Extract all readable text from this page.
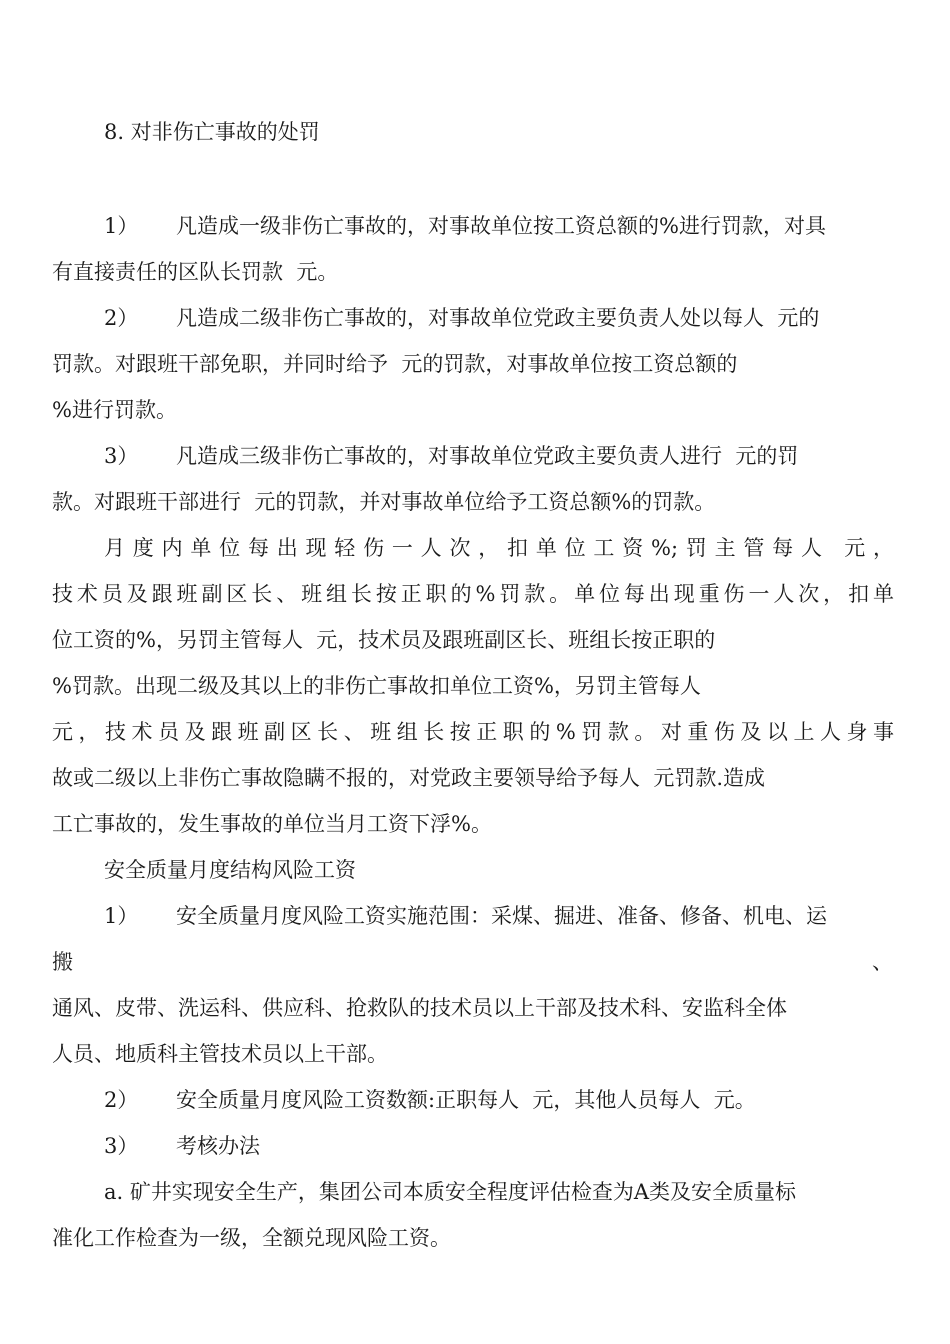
8. 对非伤亡事故的处罚
1） 凡造成一级非伤亡事故的，对事故单位按工资总额的%进行罚款，对具
有直接责任的区队长罚款  元。
2） 凡造成二级非伤亡事故的，对事故单位党政主要负责人处以每人  元的
罚款。对跟班干部免职，并同时给予  元的罚款，对事故单位按工资总额的
%进行罚款。
3） 凡造成三级非伤亡事故的，对事故单位党政主要负责人进行  元的罚
款。对跟班干部进行  元的罚款，并对事故单位给予工资总额%的罚款。
月度内单位每出现轻伤一人次，扣单位工资%;罚主管每人 元，
技术员及跟班副区长、班组长按正职的%罚款。单位每出现重伤一人次，扣单
位工资的%，另罚主管每人  元，技术员及跟班副区长、班组长按正职的
%罚款。出现二级及其以上的非伤亡事故扣单位工资%，另罚主管每人
元，技术员及跟班副区长、班组长按正职的%罚款。对重伤及以上人身事
故或二级以上非伤亡事故隐瞒不报的，对党政主要领导给予每人  元罚款.造成
工亡事故的，发生事故的单位当月工资下浮%。
安全质量月度结构风险工资
1） 安全质量月度风险工资实施范围：采煤、掘进、准备、修备、机电、运
搬	、
通风、皮带、洗运科、供应科、抢救队的技术员以上干部及技术科、安监科全体
人员、地质科主管技术员以上干部。
2） 安全质量月度风险工资数额:正职每人  元，其他人员每人  元。
3） 考核办法
a. 矿井实现安全生产，集团公司本质安全程度评估检查为A类及安全质量标
准化工作检查为一级，全额兑现风险工资。
